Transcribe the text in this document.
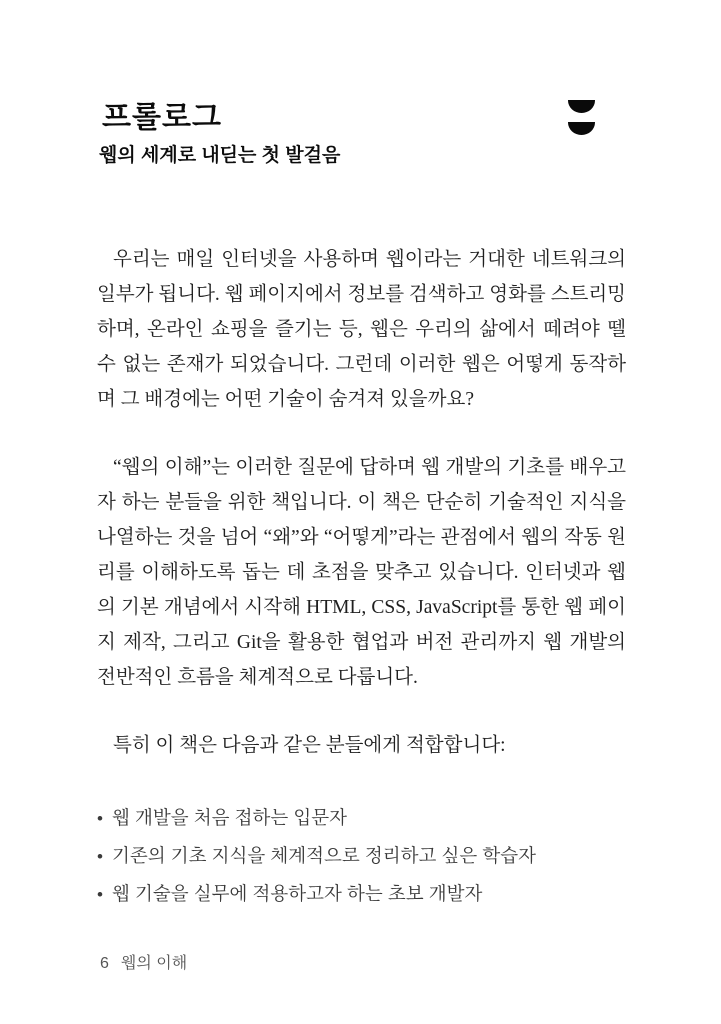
프롤로그
웹의 세계로 내딛는 첫 발걸음

우리는 매일 인터넷을 사용하며 웹이라는 거대한 네트워크의 일부가 됩니다. 웹 페이지에서 정보를 검색하고 영화를 스트리밍하며, 온라인 쇼핑을 즐기는 등, 웹은 우리의 삶에서 떼려야 뗄 수 없는 존재가 되었습니다. 그런데 이러한 웹은 어떻게 동작하며 그 배경에는 어떤 기술이 숨겨져 있을까요?

“웹의 이해”는 이러한 질문에 답하며 웹 개발의 기초를 배우고자 하는 분들을 위한 책입니다. 이 책은 단순히 기술적인 지식을 나열하는 것을 넘어 “왜”와 “어떻게”라는 관점에서 웹의 작동 원리를 이해하도록 돕는 데 초점을 맞추고 있습니다. 인터넷과 웹의 기본 개념에서 시작해 HTML, CSS, JavaScript를 통한 웹 페이지 제작, 그리고 Git을 활용한 협업과 버전 관리까지 웹 개발의 전반적인 흐름을 체계적으로 다룹니다.

특히 이 책은 다음과 같은 분들에게 적합합니다:

• 웹 개발을 처음 접하는 입문자
• 기존의 기초 지식을 체계적으로 정리하고 싶은 학습자
• 웹 기술을 실무에 적용하고자 하는 초보 개발자
6 웹의 이해
